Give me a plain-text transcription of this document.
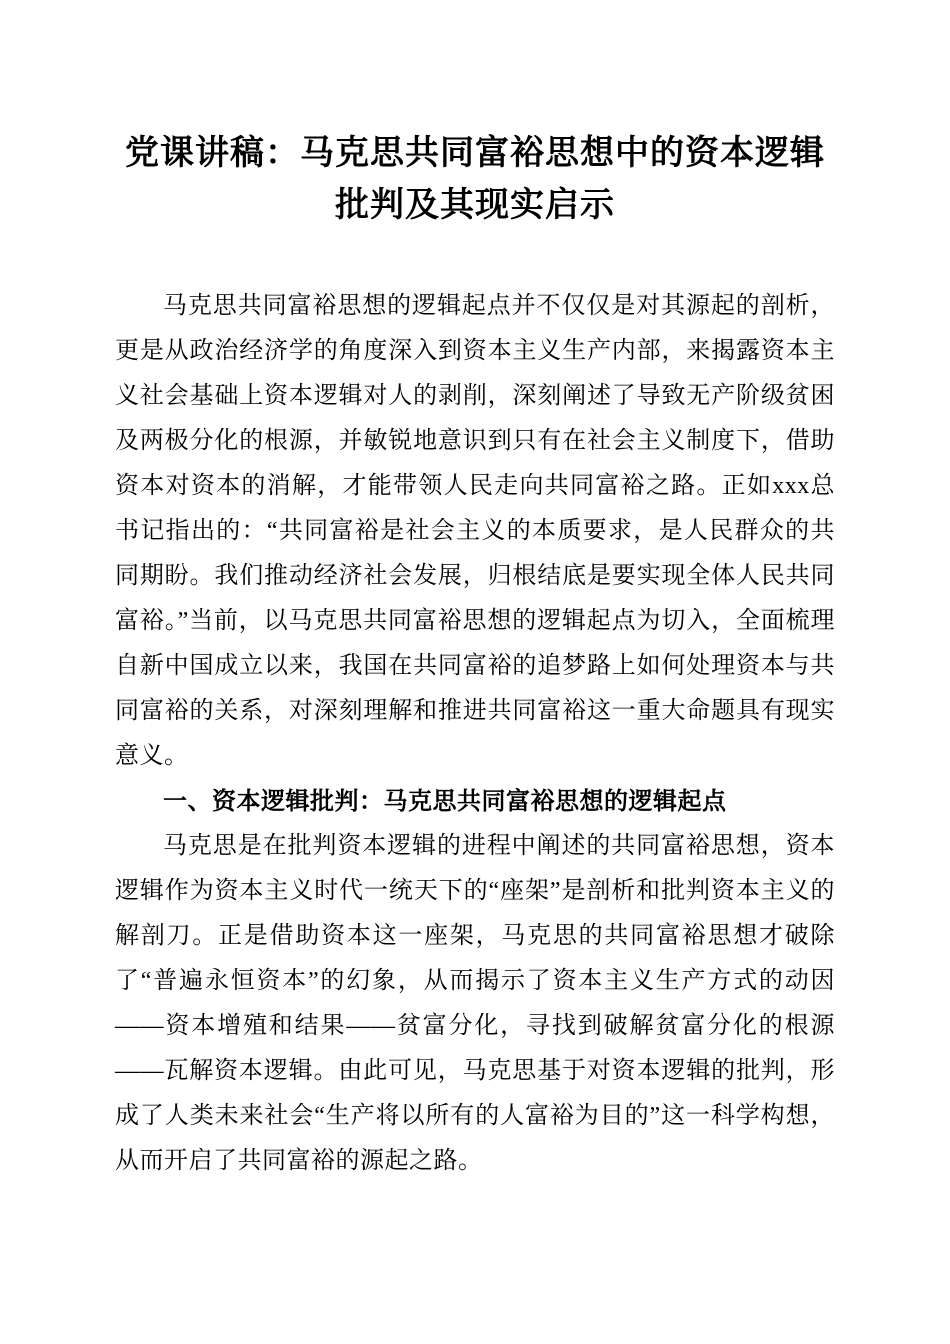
党课讲稿：马克思共同富裕思想中的资本逻辑批判及其现实启示

马克思共同富裕思想的逻辑起点并不仅仅是对其源起的剖析，更是从政治经济学的角度深入到资本主义生产内部，来揭露资本主义社会基础上资本逻辑对人的剥削，深刻阐述了导致无产阶级贫困及两极分化的根源，并敏锐地意识到只有在社会主义制度下，借助资本对资本的消解，才能带领人民走向共同富裕之路。正如xxx总书记指出的：“共同富裕是社会主义的本质要求，是人民群众的共同期盼。我们推动经济社会发展，归根结底是要实现全体人民共同富裕。”当前，以马克思共同富裕思想的逻辑起点为切入，全面梳理自新中国成立以来，我国在共同富裕的追梦路上如何处理资本与共同富裕的关系，对深刻理解和推进共同富裕这一重大命题具有现实意义。

一、资本逻辑批判：马克思共同富裕思想的逻辑起点

马克思是在批判资本逻辑的进程中阐述的共同富裕思想，资本逻辑作为资本主义时代一统天下的“座架”是剖析和批判资本主义的解剖刀。正是借助资本这一座架，马克思的共同富裕思想才破除了“普遍永恒资本”的幻象，从而揭示了资本主义生产方式的动因——资本增殖和结果——贫富分化，寻找到破解贫富分化的根源——瓦解资本逻辑。由此可见，马克思基于对资本逻辑的批判，形成了人类未来社会“生产将以所有的人富裕为目的”这一科学构想，从而开启了共同富裕的源起之路。
